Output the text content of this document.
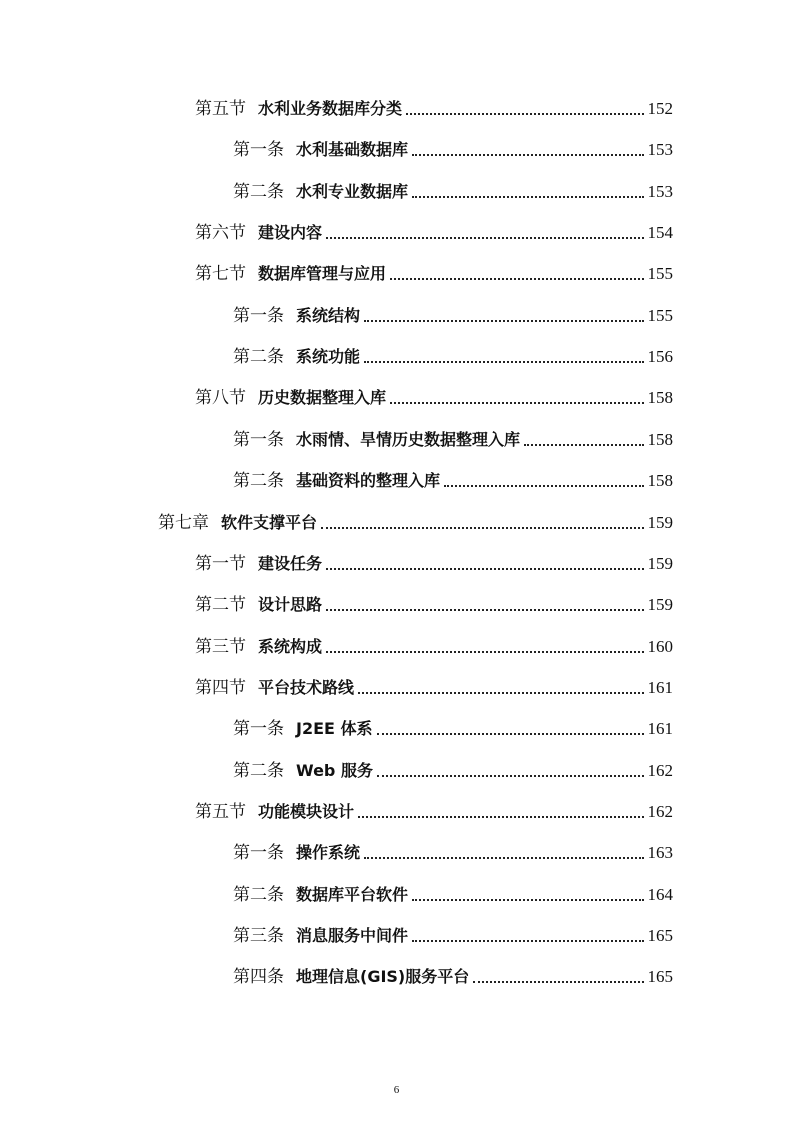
第五节 水利业务数据库分类	152
第一条 水利基础数据库	153
第二条 水利专业数据库	153
第六节 建设内容	154
第七节 数据库管理与应用	155
第一条 系统结构	155
第二条 系统功能	156
第八节 历史数据整理入库	158
第一条 水雨情、旱情历史数据整理入库	158
第二条 基础资料的整理入库	158
第七章 软件支撑平台	159
第一节 建设任务	159
第二节 设计思路	159
第三节 系统构成	160
第四节 平台技术路线	161
第一条 J2EE 体系	161
第二条 Web 服务	162
第五节 功能模块设计	162
第一条 操作系统	163
第二条 数据库平台软件	164
第三条 消息服务中间件	165
第四条 地理信息(GIS)服务平台	165
6
